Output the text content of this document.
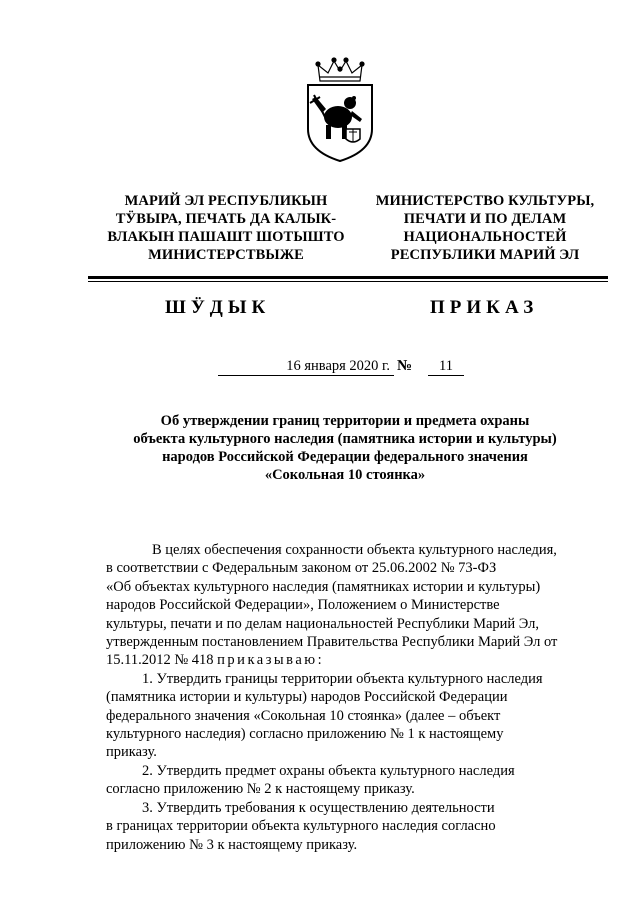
МАРИЙ ЭЛ РЕСПУБЛИКЫН
ТӰВЫРА, ПЕЧАТЬ ДА КАЛЫК-
ВЛАКЫН ПАШАШТ ШОТЫШТО
МИНИСТЕРСТВЫЖЕ
МИНИСТЕРСТВО КУЛЬТУРЫ,
ПЕЧАТИ И ПО ДЕЛАМ
НАЦИОНАЛЬНОСТЕЙ
РЕСПУБЛИКИ МАРИЙ ЭЛ
ШӰДЫК	ПРИКАЗ
16 января 2020 г. №	11
Об утверждении границ территории и предмета охраны
объекта культурного наследия (памятника истории и культуры)
народов Российской Федерации федерального значения
«Сокольная 10 стоянка»
В целях обеспечения сохранности объекта культурного наследия,
в соответствии с Федеральным законом от 25.06.2002 № 73-ФЗ
«Об объектах культурного наследия (памятниках истории и культуры)
народов Российской Федерации», Положением о Министерстве
культуры, печати и по делам национальностей Республики Марий Эл,
утвержденным постановлением Правительства Республики Марий Эл от
15.11.2012 № 418
приказываю:
1. Утвердить границы территории объекта культурного наследия
(памятника истории и культуры) народов Российской Федерации
федерального значения «Сокольная 10 стоянка» (далее – объект
культурного наследия) согласно приложению № 1 к настоящему
приказу.
2. Утвердить предмет охраны объекта культурного наследия
согласно приложению № 2 к настоящему приказу.
3. Утвердить требования к осуществлению деятельности
в границах территории объекта культурного наследия согласно
приложению № 3 к настоящему приказу.
